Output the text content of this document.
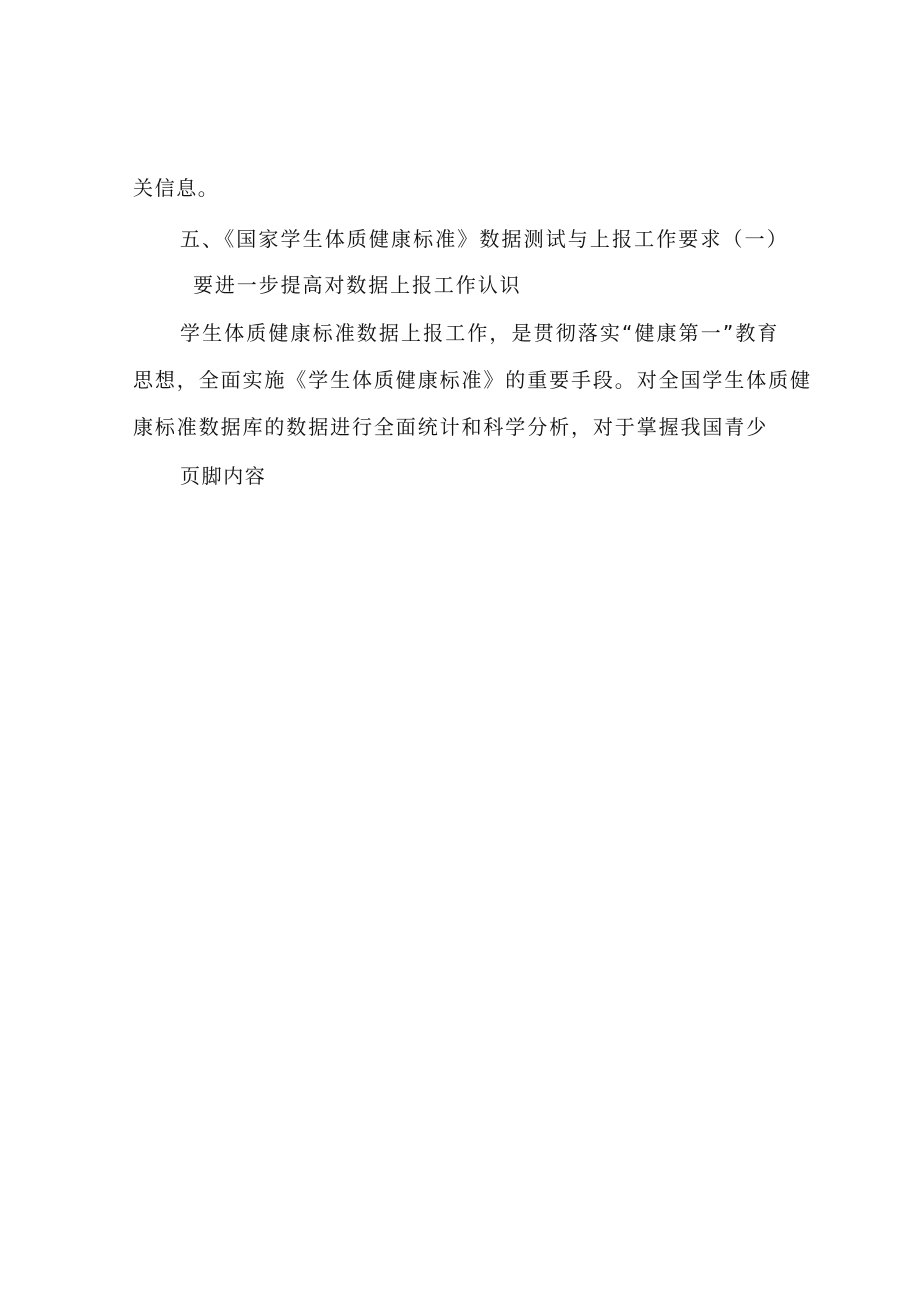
关信息。
五、《国家学生体质健康标准》数据测试与上报工作要求（一）
要进一步提高对数据上报工作认识
学生体质健康标准数据上报工作，是贯彻落实“健康第一”教育
思想，全面实施《学生体质健康标准》的重要手段。对全国学生体质健
康标准数据库的数据进行全面统计和科学分析，对于掌握我国青少
页脚内容
